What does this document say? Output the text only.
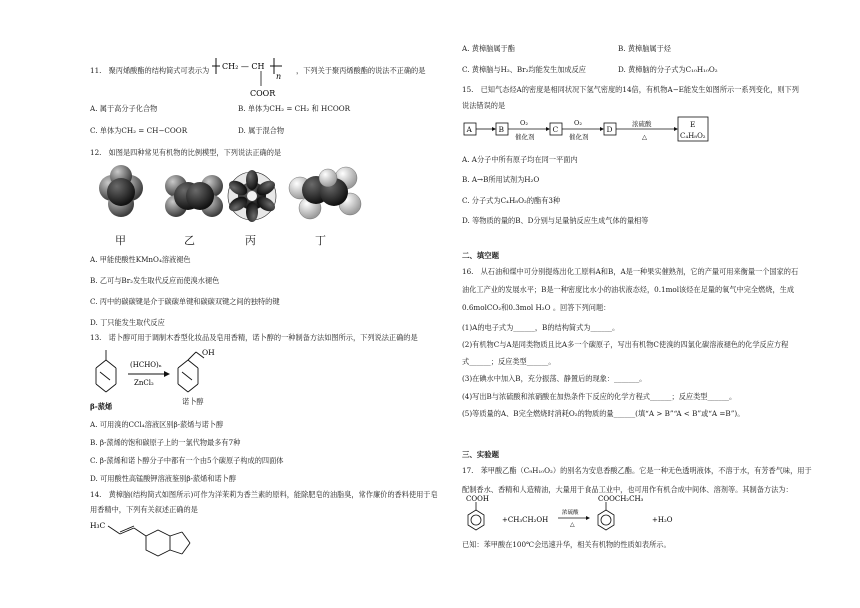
11.　聚丙烯酸酯的结构简式可表示为 CH₂ — CH
n
COOR
，下列关于聚丙烯酸酯的说法不正确的是
A. 属于高分子化合物	B. 单体为CH₂ = CH₂ 和 HCOOR
C. 单体为CH₂ = CH−COOR	D. 属于混合物
12.　如图是四种常见有机物的比例模型，下列说法正确的是
甲	乙	丙	丁
A. 甲能使酸性KMnO₄溶液褪色
B. 乙可与Br₂发生取代反应而使溴水褪色
C. 丙中的碳碳键是介于碳碳单键和碳碳双键之间的独特的键
D. 丁只能发生取代反应
13.　诺卜醇可用于调制木香型化妆品及皂用香精，诺卜醇的一种制备方法如图所示，下列说法正确的是
(HCHO)ₙ
ZnCl₂
OH
β-蒎烯
诺卜醇
A. 可用溴的CCl₄溶液区别β-蒎烯与诺卜醇
B. β-蒎烯的饱和碳原子上的一氯代物最多有7种
C. β-蒎烯和诺卜醇分子中都有一个由5个碳原子构成的四面体
D. 可用酸性高锰酸钾溶液鉴别β-蒎烯和诺卜醇
14.　黄樟脑(结构简式如图所示)可作为洋茉莉为香兰素的原料，能除肥皂的油脂臭，常作廉价的香料使用于皂
用香精中，下列有关叙述正确的是
H₃C
A. 黄樟脑属于酯	B. 黄樟脑属于烃
C. 黄樟脑与H₂、Br₂均能发生加成反应	D. 黄樟脑的分子式为C₁₀H₁₀O₂
15.　已知气态烃A的密度是相同状况下氢气密度的14倍，有机物A−E能发生如图所示一系列变化，则下列
说法错误的是
A	B
O₂
催化剂
C
O₂
催化剂
D
浓硫酸
△
E
C₄H₈O₂
A. A分子中所有原子均在同一平面内
B. A→B所用试剂为H₂O
C. 分子式为C₄H₈O₂的酯有3种
D. 等物质的量的B、D分别与足量钠反应生成气体的量相等
二、填空题
16.　从石油和煤中可分别提炼出化工原料A和B，A是一种果实催熟剂，它的产量可用来衡量一个国家的石
油化工产业的发展水平；B是一种密度比水小的油状液态烃，0.1mol该烃在足量的氧气中完全燃烧，生成
0.6molCO₂和0.3mol H₂O 。回答下列问题：
(1)A的电子式为______，B的结构简式为______。
(2)有机物C与A是同类物质且比A多一个碳原子，写出有机物C使溴的四氯化碳溶液褪色的化学反应方程
式______；反应类型______。
(3)在碘水中加入B，充分振荡、静置后的现象：_______。
(4)写出B与浓硫酸和浓硝酸在加热条件下反应的化学方程式______；反应类型______。
(5)等质量的A、B完全燃烧时消耗O₂的物质的量______(填“A > B”“A < B”或“A =B”)。
三、实验题
17.　苯甲酸乙酯（C₉H₁₀O₂）的别名为安息香酸乙酯。它是一种无色透明液体，不溶于水，有芳香气味，用于
配制香水、香精和人造精油，大量用于食品工业中，也可用作有机合成中间体、溶剂等。其制备方法为：
COOH
+CH₃CH₂OH
浓硫酸
△
COOCH₂CH₃
+H₂O
已知：苯甲酸在100℃会迅速升华，相关有机物的性质如表所示。
